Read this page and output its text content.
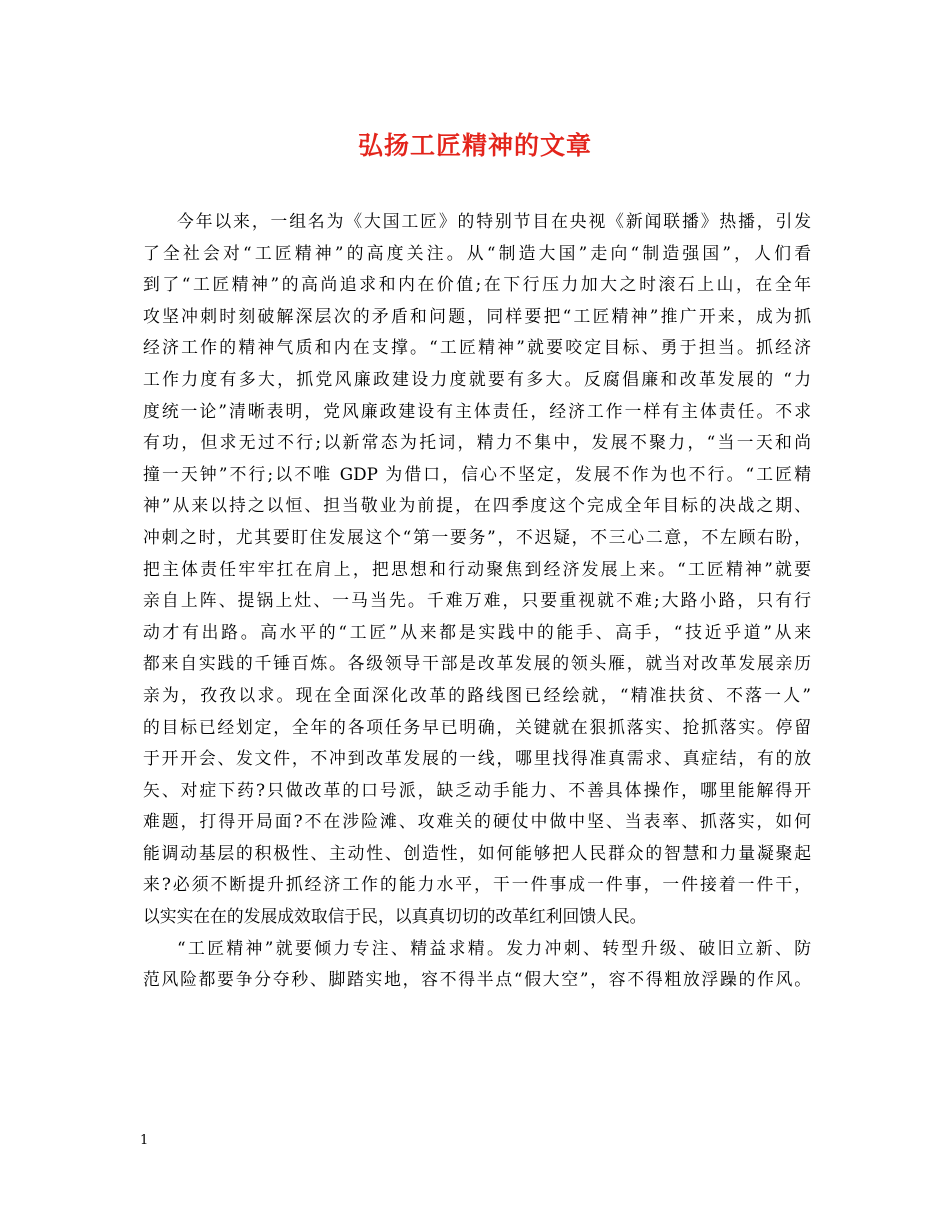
弘扬工匠精神的文章
今年以来，一组名为《大国工匠》的特别节目在央视《新闻联播》热播，引发
了全社会对“工匠精神”的高度关注。从“制造大国”走向“制造强国”，人们看
到了“工匠精神”的高尚追求和内在价值;在下行压力加大之时滚石上山，在全年
攻坚冲刺时刻破解深层次的矛盾和问题，同样要把“工匠精神”推广开来，成为抓
经济工作的精神气质和内在支撑。“工匠精神”就要咬定目标、勇于担当。抓经济
工作力度有多大，抓党风廉政建设力度就要有多大。反腐倡廉和改革发展的 “力
度统一论”清晰表明，党风廉政建设有主体责任，经济工作一样有主体责任。不求
有功，但求无过不行;以新常态为托词，精力不集中，发展不聚力，“当一天和尚
撞一天钟”不行;以不唯 GDP 为借口，信心不坚定，发展不作为也不行。“工匠精
神”从来以持之以恒、担当敬业为前提，在四季度这个完成全年目标的决战之期、
冲刺之时，尤其要盯住发展这个“第一要务”，不迟疑，不三心二意，不左顾右盼，
把主体责任牢牢扛在肩上，把思想和行动聚焦到经济发展上来。“工匠精神”就要
亲自上阵、提锅上灶、一马当先。千难万难，只要重视就不难;大路小路，只有行
动才有出路。高水平的“工匠”从来都是实践中的能手、高手，“技近乎道”从来
都来自实践的千锤百炼。各级领导干部是改革发展的领头雁，就当对改革发展亲历
亲为，孜孜以求。现在全面深化改革的路线图已经绘就，“精准扶贫、不落一人”
的目标已经划定，全年的各项任务早已明确，关键就在狠抓落实、抢抓落实。停留
于开开会、发文件，不冲到改革发展的一线，哪里找得准真需求、真症结，有的放
矢、对症下药?只做改革的口号派，缺乏动手能力、不善具体操作，哪里能解得开
难题，打得开局面?不在涉险滩、攻难关的硬仗中做中坚、当表率、抓落实，如何
能调动基层的积极性、主动性、创造性，如何能够把人民群众的智慧和力量凝聚起
来?必须不断提升抓经济工作的能力水平，干一件事成一件事，一件接着一件干，
以实实在在的发展成效取信于民，以真真切切的改革红利回馈人民。
“工匠精神”就要倾力专注、精益求精。发力冲刺、转型升级、破旧立新、防
范风险都要争分夺秒、脚踏实地，容不得半点“假大空”，容不得粗放浮躁的作风。
1
